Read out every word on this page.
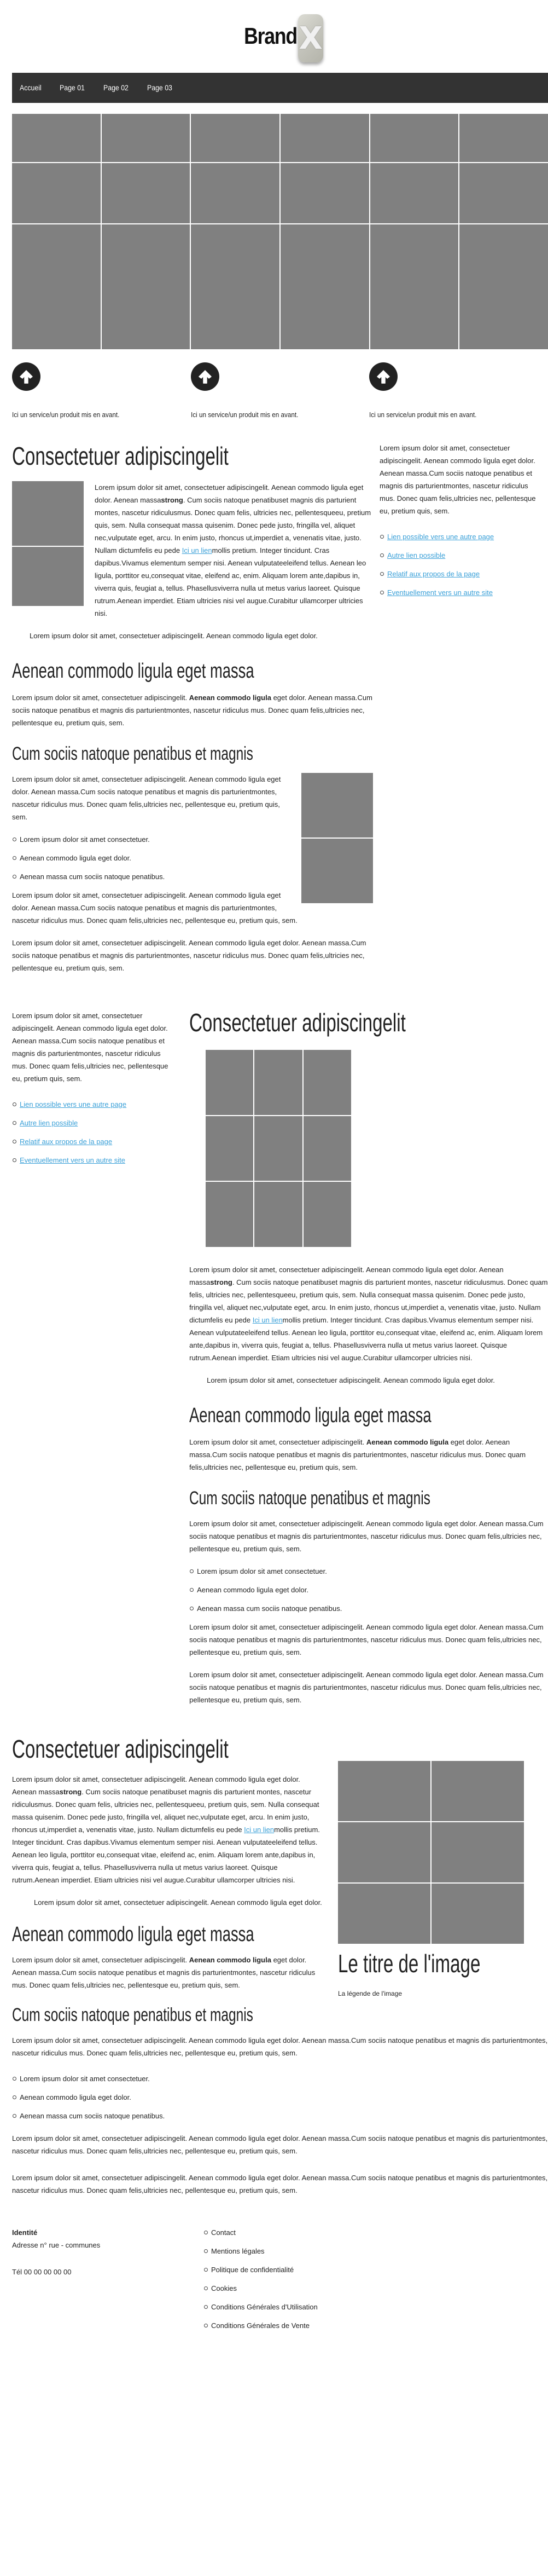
Brand X
Accueil Page 01 Page 02 Page 03
Ici un service/un produit mis en avant.	Ici un service/un produit mis en avant.	Ici un service/un produit mis en avant.
Consectetuer adipiscingelit

Lorem ipsum dolor sit amet, consectetuer adipiscingelit. Aenean commodo ligula eget dolor. Aenean massastrong. Cum sociis natoque penatibuset magnis dis parturient montes, nascetur ridiculusmus. Donec quam felis, ultricies nec, pellentesqueeu, pretium quis, sem. Nulla consequat massa quisenim. Donec pede justo, fringilla vel, aliquet nec,vulputate eget, arcu. In enim justo, rhoncus ut,imperdiet a, venenatis vitae, justo. Nullam dictumfelis eu pede Ici un lienmollis pretium. Integer tincidunt. Cras dapibus.Vivamus elementum semper nisi. Aenean vulputateeleifend tellus. Aenean leo ligula, porttitor eu,consequat vitae, eleifend ac, enim. Aliquam lorem ante,dapibus in, viverra quis, feugiat a, tellus. Phasellusviverra nulla ut metus varius laoreet. Quisque rutrum.Aenean imperdiet. Etiam ultricies nisi vel augue.Curabitur ullamcorper ultricies nisi.

Lorem ipsum dolor sit amet, consectetuer adipiscingelit. Aenean commodo ligula eget dolor.
Aenean commodo ligula eget massa

Lorem ipsum dolor sit amet, consectetuer adipiscingelit. Aenean commodo ligula eget dolor. Aenean massa.Cum sociis natoque penatibus et magnis dis parturientmontes, nascetur ridiculus mus. Donec quam felis,ultricies nec, pellentesque eu, pretium quis, sem.

Cum sociis natoque penatibus et magnis

Lorem ipsum dolor sit amet, consectetuer adipiscingelit. Aenean commodo ligula eget dolor. Aenean massa.Cum sociis natoque penatibus et magnis dis parturientmontes, nascetur ridiculus mus. Donec quam felis,ultricies nec, pellentesque eu, pretium quis, sem.

Lorem ipsum dolor sit amet consectetuer.
Aenean commodo ligula eget dolor.
Aenean massa cum sociis natoque penatibus.

Lorem ipsum dolor sit amet, consectetuer adipiscingelit. Aenean commodo ligula eget dolor. Aenean massa.Cum sociis natoque penatibus et magnis dis parturientmontes, nascetur ridiculus mus. Donec quam felis,ultricies nec, pellentesque eu, pretium quis, sem.

Lorem ipsum dolor sit amet, consectetuer adipiscingelit. Aenean commodo ligula eget dolor. Aenean massa.Cum sociis natoque penatibus et magnis dis parturientmontes, nascetur ridiculus mus. Donec quam felis,ultricies nec, pellentesque eu, pretium quis, sem.

Lorem ipsum dolor sit amet, consectetuer adipiscingelit. Aenean commodo ligula eget dolor. Aenean massa.Cum sociis natoque penatibus et magnis dis parturientmontes, nascetur ridiculus mus. Donec quam felis,ultricies nec, pellentesque eu, pretium quis, sem.

Lien possible vers une autre page
Autre lien possible
Relatif aux propos de la page
Eventuellement vers un autre site

Lorem ipsum dolor sit amet, consectetuer adipiscingelit. Aenean commodo ligula eget dolor. Aenean massa.Cum sociis natoque penatibus et magnis dis parturientmontes, nascetur ridiculus mus. Donec quam felis,ultricies nec, pellentesque eu, pretium quis, sem.

Lien possible vers une autre page
Autre lien possible
Relatif aux propos de la page
Eventuellement vers un autre site
Consectetuer adipiscingelit

Lorem ipsum dolor sit amet, consectetuer adipiscingelit. Aenean commodo ligula eget dolor. Aenean massastrong. Cum sociis natoque penatibuset magnis dis parturient montes, nascetur ridiculusmus. Donec quam felis, ultricies nec, pellentesqueeu, pretium quis, sem. Nulla consequat massa quisenim. Donec pede justo, fringilla vel, aliquet nec,vulputate eget, arcu. In enim justo, rhoncus ut,imperdiet a, venenatis vitae, justo. Nullam dictumfelis eu pede Ici un lienmollis pretium. Integer tincidunt. Cras dapibus.Vivamus elementum semper nisi. Aenean vulputateeleifend tellus. Aenean leo ligula, porttitor eu,consequat vitae, eleifend ac, enim. Aliquam lorem ante,dapibus in, viverra quis, feugiat a, tellus. Phasellusviverra nulla ut metus varius laoreet. Quisque rutrum.Aenean imperdiet. Etiam ultricies nisi vel augue.Curabitur ullamcorper ultricies nisi.

Lorem ipsum dolor sit amet, consectetuer adipiscingelit. Aenean commodo ligula eget dolor.
Aenean commodo ligula eget massa

Lorem ipsum dolor sit amet, consectetuer adipiscingelit. Aenean commodo ligula eget dolor. Aenean massa.Cum sociis natoque penatibus et magnis dis parturientmontes, nascetur ridiculus mus. Donec quam felis,ultricies nec, pellentesque eu, pretium quis, sem.

Cum sociis natoque penatibus et magnis

Lorem ipsum dolor sit amet, consectetuer adipiscingelit. Aenean commodo ligula eget dolor. Aenean massa.Cum sociis natoque penatibus et magnis dis parturientmontes, nascetur ridiculus mus. Donec quam felis,ultricies nec, pellentesque eu, pretium quis, sem.

Lorem ipsum dolor sit amet consectetuer.
Aenean commodo ligula eget dolor.
Aenean massa cum sociis natoque penatibus.

Lorem ipsum dolor sit amet, consectetuer adipiscingelit. Aenean commodo ligula eget dolor. Aenean massa.Cum sociis natoque penatibus et magnis dis parturientmontes, nascetur ridiculus mus. Donec quam felis,ultricies nec, pellentesque eu, pretium quis, sem.

Lorem ipsum dolor sit amet, consectetuer adipiscingelit. Aenean commodo ligula eget dolor. Aenean massa.Cum sociis natoque penatibus et magnis dis parturientmontes, nascetur ridiculus mus. Donec quam felis,ultricies nec, pellentesque eu, pretium quis, sem.

Consectetuer adipiscingelit

Lorem ipsum dolor sit amet, consectetuer adipiscingelit. Aenean commodo ligula eget dolor. Aenean massastrong. Cum sociis natoque penatibuset magnis dis parturient montes, nascetur ridiculusmus. Donec quam felis, ultricies nec, pellentesqueeu, pretium quis, sem. Nulla consequat massa quisenim. Donec pede justo, fringilla vel, aliquet nec,vulputate eget, arcu. In enim justo, rhoncus ut,imperdiet a, venenatis vitae, justo. Nullam dictumfelis eu pede Ici un lienmollis pretium. Integer tincidunt. Cras dapibus.Vivamus elementum semper nisi. Aenean vulputateeleifend tellus. Aenean leo ligula, porttitor eu,consequat vitae, eleifend ac, enim. Aliquam lorem ante,dapibus in, viverra quis, feugiat a, tellus. Phasellusviverra nulla ut metus varius laoreet. Quisque rutrum.Aenean imperdiet. Etiam ultricies nisi vel augue.Curabitur ullamcorper ultricies nisi.

Lorem ipsum dolor sit amet, consectetuer adipiscingelit. Aenean commodo ligula eget dolor.
Aenean commodo ligula eget massa

Lorem ipsum dolor sit amet, consectetuer adipiscingelit. Aenean commodo ligula eget dolor. Aenean massa.Cum sociis natoque penatibus et magnis dis parturientmontes, nascetur ridiculus mus. Donec quam felis,ultricies nec, pellentesque eu, pretium quis, sem.

Cum sociis natoque penatibus et magnis
Le titre de l'image
La légende de l'image

Lorem ipsum dolor sit amet, consectetuer adipiscingelit. Aenean commodo ligula eget dolor. Aenean massa.Cum sociis natoque penatibus et magnis dis parturientmontes, nascetur ridiculus mus. Donec quam felis,ultricies nec, pellentesque eu, pretium quis, sem.

Lorem ipsum dolor sit amet consectetuer.
Aenean commodo ligula eget dolor.
Aenean massa cum sociis natoque penatibus.

Lorem ipsum dolor sit amet, consectetuer adipiscingelit. Aenean commodo ligula eget dolor. Aenean massa.Cum sociis natoque penatibus et magnis dis parturientmontes, nascetur ridiculus mus. Donec quam felis,ultricies nec, pellentesque eu, pretium quis, sem.

Lorem ipsum dolor sit amet, consectetuer adipiscingelit. Aenean commodo ligula eget dolor. Aenean massa.Cum sociis natoque penatibus et magnis dis parturientmontes, nascetur ridiculus mus. Donec quam felis,ultricies nec, pellentesque eu, pretium quis, sem.

Identité
Adresse n° rue - communes
Tél 00 00 00 00 00
Contact
Mentions légales
Politique de confidentialité
Cookies
Conditions Générales d'Utilisation
Conditions Générales de Vente
